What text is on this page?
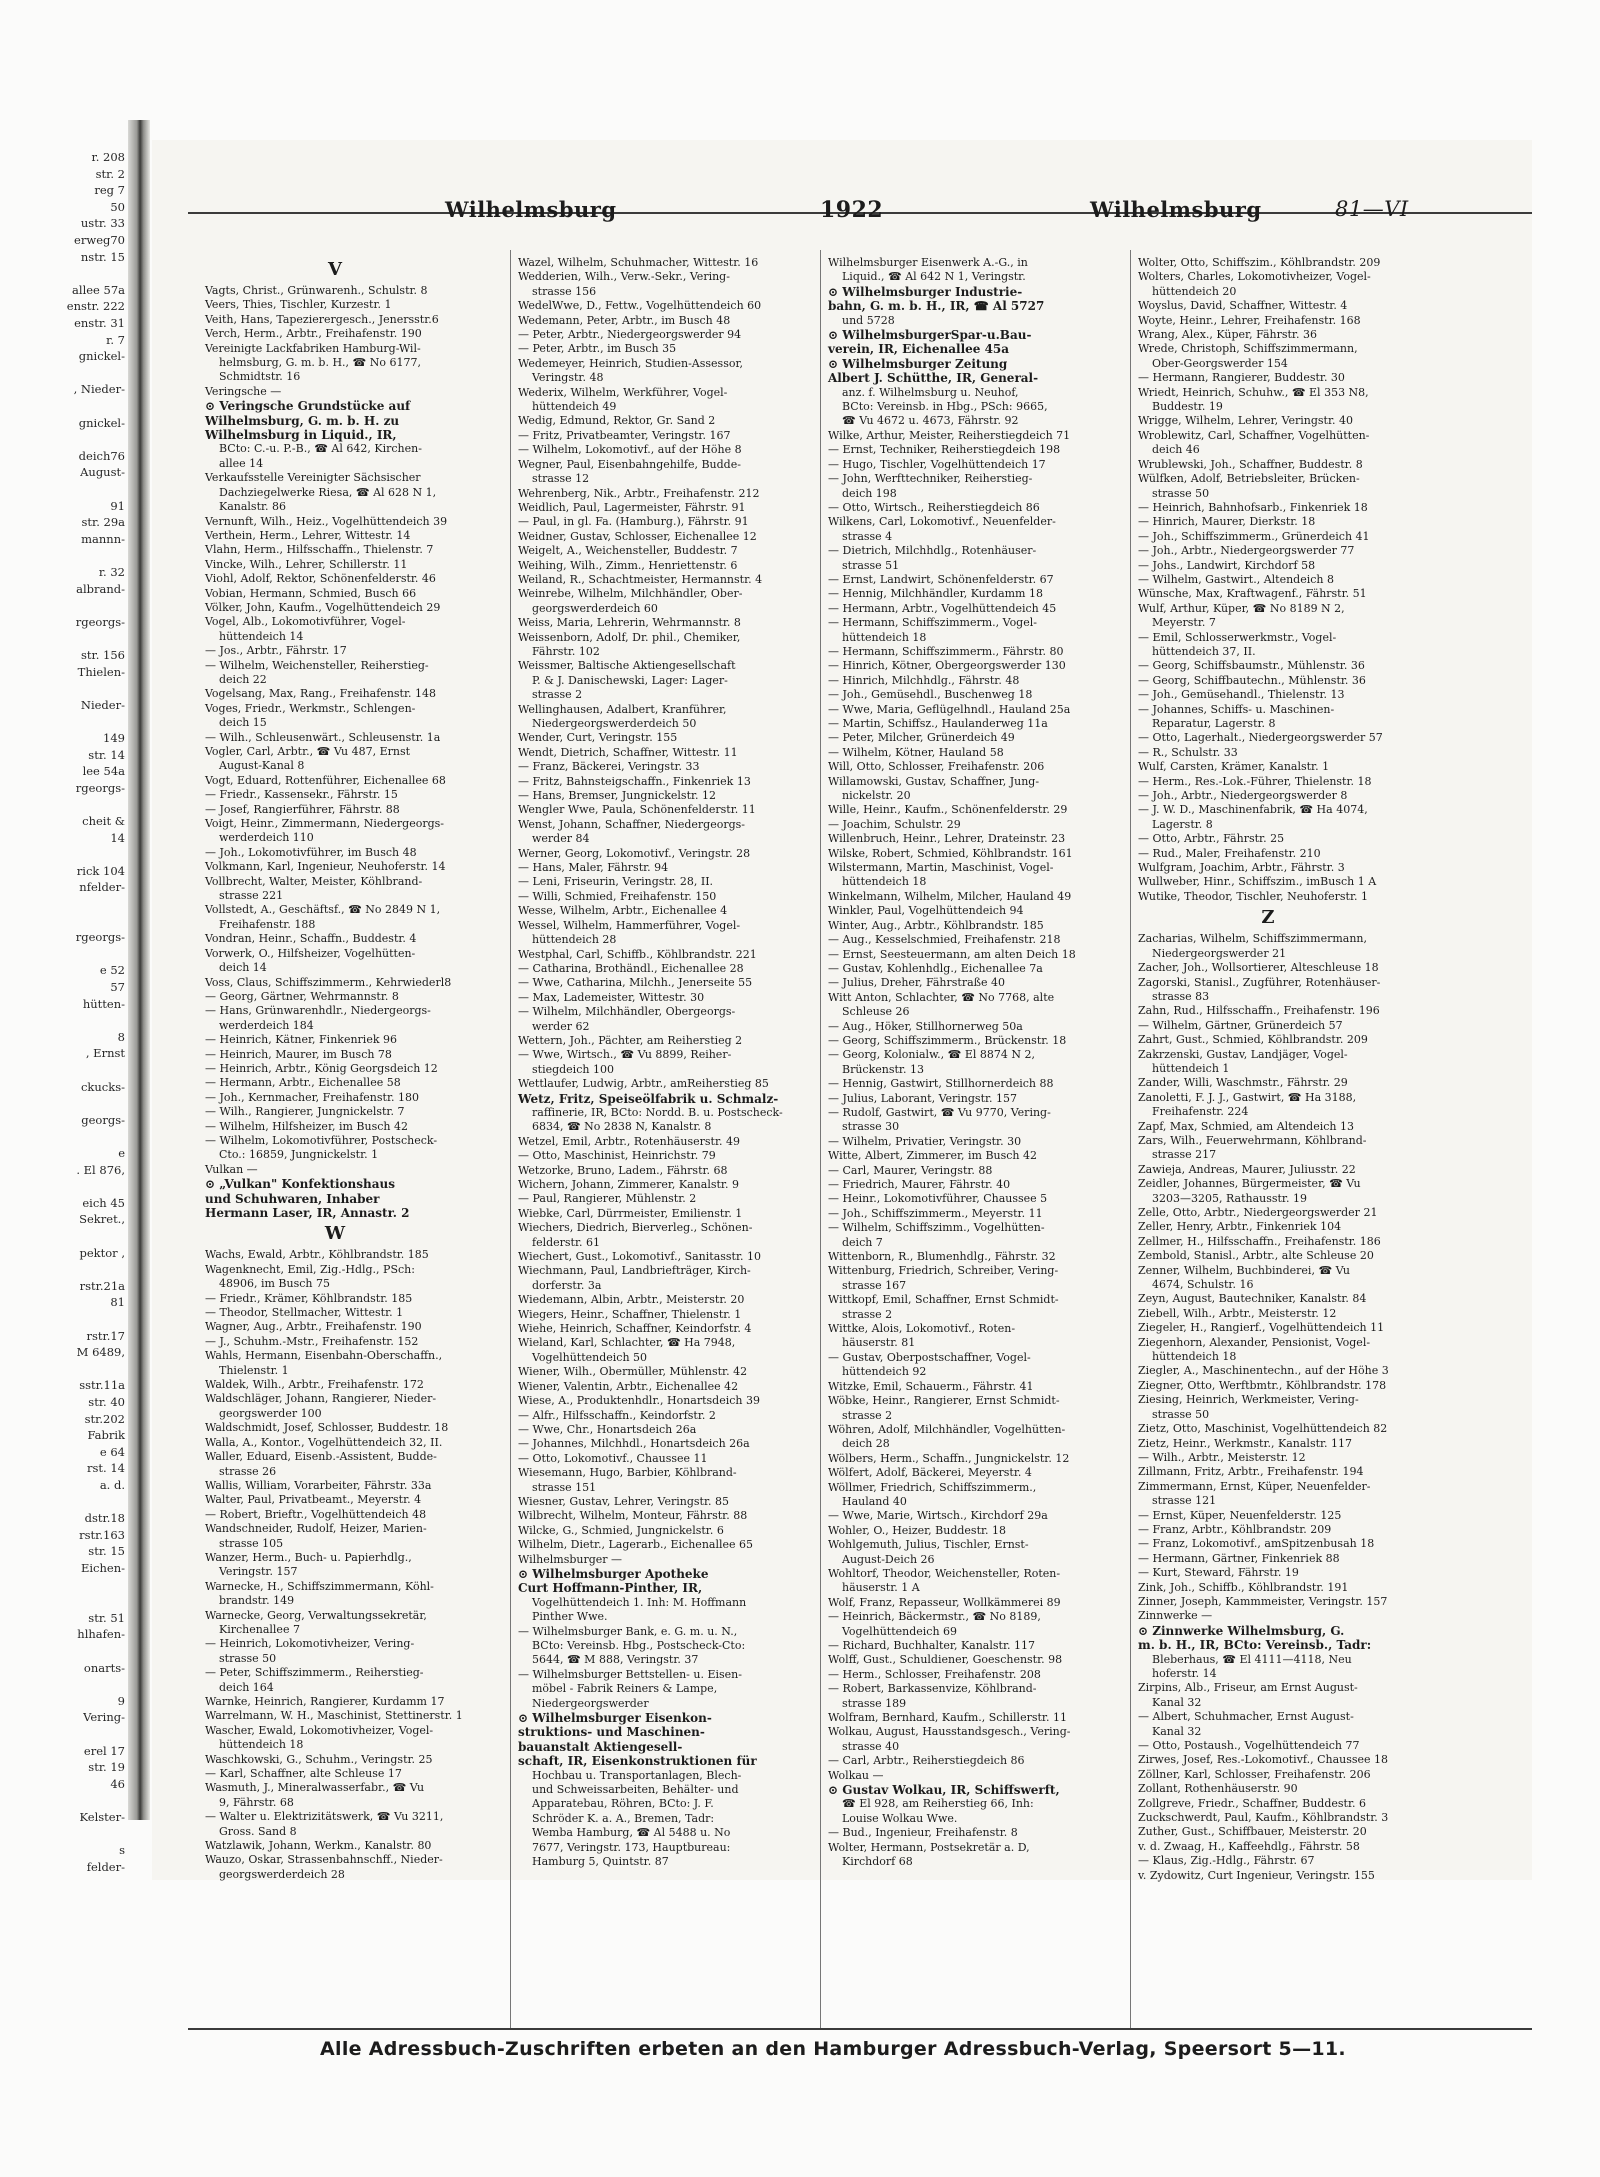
r. 208
str. 2
reg 7
50
ustr. 33
erweg70
nstr. 15
allee 57a
enstr. 222
enstr. 31
r. 7
gnickel-
, Nieder-
gnickel-
deich76
August-
91
str. 29a
mannn-
r. 32
albrand-
rgeorgs-
str. 156
Thielen-
Nieder-
149
str. 14
lee 54a
rgeorgs-
cheit &
14
rick 104
nfelder-
rgeorgs-
e 52
57
hütten-
8
, Ernst
ckucks-
georgs-
e
. El 876,
eich 45
Sekret.,
pektor ,
rstr.21a
81
rstr.17
M 6489,
sstr.11a
str. 40
str.202
Fabrik
e 64
rst. 14
a. d.
dstr.18
rstr.163
str. 15
Eichen-
str. 51
hlhafen-
onarts-
9
Vering-
erel 17
str. 19
46
Kelster-
s
felder-
Wilhelmsburg	1922	Wilhelmsburg	81—VI
V
Vagts, Christ., Grünwarenh., Schulstr. 8
Veers, Thies, Tischler, Kurzestr. 1
Veith, Hans, Tapezierergesch., Jenersstr.6
Verch, Herm., Arbtr., Freihafenstr. 190
Vereinigte Lackfabriken Hamburg-Wil-
helmsburg, G. m. b. H., ☎ No 6177,
Schmidtstr. 16
Veringsche —
⊙ Veringsche Grundstücke auf
Wilhelmsburg, G. m. b. H. zu
Wilhelmsburg in Liquid., IR,
BCto: C.-u. P.-B., ☎ Al 642, Kirchen-
allee 14
Verkaufsstelle Vereinigter Sächsischer
Dachziegelwerke Riesa, ☎ Al 628 N 1,
Kanalstr. 86
Vernunft, Wilh., Heiz., Vogelhüttendeich 39
Verthein, Herm., Lehrer, Wittestr. 14
Vlahn, Herm., Hilfsschaffn., Thielenstr. 7
Vincke, Wilh., Lehrer, Schillerstr. 11
Viohl, Adolf, Rektor, Schönenfelderstr. 46
Vobian, Hermann, Schmied, Busch 66
Völker, John, Kaufm., Vogelhüttendeich 29
Vogel, Alb., Lokomotivführer, Vogel-
hüttendeich 14
— Jos., Arbtr., Fährstr. 17
— Wilhelm, Weichensteller, Reiherstieg-
deich 22
Vogelsang, Max, Rang., Freihafenstr. 148
Voges, Friedr., Werkmstr., Schlengen-
deich 15
— Wilh., Schleusenwärt., Schleusenstr. 1a
Vogler, Carl, Arbtr., ☎ Vu 487, Ernst
August-Kanal 8
Vogt, Eduard, Rottenführer, Eichenallee 68
— Friedr., Kassensekr., Fährstr. 15
— Josef, Rangierführer, Fährstr. 88
Voigt, Heinr., Zimmermann, Niedergeorgs-
werderdeich 110
— Joh., Lokomotivführer, im Busch 48
Volkmann, Karl, Ingenieur, Neuhoferstr. 14
Vollbrecht, Walter, Meister, Köhlbrand-
strasse 221
Vollstedt, A., Geschäftsf., ☎ No 2849 N 1,
Freihafenstr. 188
Vondran, Heinr., Schaffn., Buddestr. 4
Vorwerk, O., Hilfsheizer, Vogelhütten-
deich 14
Voss, Claus, Schiffszimmerm., Kehrwiederl8
— Georg, Gärtner, Wehrmannstr. 8
— Hans, Grünwarenhdlr., Niedergeorgs-
werderdeich 184
— Heinrich, Kätner, Finkenriek 96
— Heinrich, Maurer, im Busch 78
— Heinrich, Arbtr., König Georgsdeich 12
— Hermann, Arbtr., Eichenallee 58
— Joh., Kernmacher, Freihafenstr. 180
— Wilh., Rangierer, Jungnickelstr. 7
— Wilhelm, Hilfsheizer, im Busch 42
— Wilhelm, Lokomotivführer, Postscheck-
Cto.: 16859, Jungnickelstr. 1
Vulkan —
⊙ „Vulkan" Konfektionshaus
und Schuhwaren, Inhaber
Hermann Laser, IR, Annastr. 2
W
Wachs, Ewald, Arbtr., Köhlbrandstr. 185
Wagenknecht, Emil, Zig.-Hdlg., PSch:
48906, im Busch 75
— Friedr., Krämer, Köhlbrandstr. 185
— Theodor, Stellmacher, Wittestr. 1
Wagner, Aug., Arbtr., Freihafenstr. 190
— J., Schuhm.-Mstr., Freihafenstr. 152
Wahls, Hermann, Eisenbahn-Oberschaffn.,
Thielenstr. 1
Waldek, Wilh., Arbtr., Freihafenstr. 172
Waldschläger, Johann, Rangierer, Nieder-
georgswerder 100
Waldschmidt, Josef, Schlosser, Buddestr. 18
Walla, A., Kontor., Vogelhüttendeich 32, II.
Waller, Eduard, Eisenb.-Assistent, Budde-
strasse 26
Wallis, William, Vorarbeiter, Fährstr. 33a
Walter, Paul, Privatbeamt., Meyerstr. 4
— Robert, Brieftr., Vogelhüttendeich 48
Wandschneider, Rudolf, Heizer, Marien-
strasse 105
Wanzer, Herm., Buch- u. Papierhdlg.,
Veringstr. 157
Warnecke, H., Schiffszimmermann, Köhl-
brandstr. 149
Warnecke, Georg, Verwaltungssekretär,
Kirchenallee 7
— Heinrich, Lokomotivheizer, Vering-
strasse 50
— Peter, Schiffszimmerm., Reiherstieg-
deich 164
Warnke, Heinrich, Rangierer, Kurdamm 17
Warrelmann, W. H., Maschinist, Stettinerstr. 1
Wascher, Ewald, Lokomotivheizer, Vogel-
hüttendeich 18
Waschkowski, G., Schuhm., Veringstr. 25
— Karl, Schaffner, alte Schleuse 17
Wasmuth, J., Mineralwasserfabr., ☎ Vu
9, Fährstr. 68
— Walter u. Elektrizitätswerk, ☎ Vu 3211,
Gross. Sand 8
Watzlawik, Johann, Werkm., Kanalstr. 80
Wauzo, Oskar, Strassenbahnschff., Nieder-
georgswerderdeich 28
Wazel, Wilhelm, Schuhmacher, Wittestr. 16
Wedderien, Wilh., Verw.-Sekr., Vering-
strasse 156
WedelWwe, D., Fettw., Vogelhüttendeich 60
Wedemann, Peter, Arbtr., im Busch 48
— Peter, Arbtr., Niedergeorgswerder 94
— Peter, Arbtr., im Busch 35
Wedemeyer, Heinrich, Studien-Assessor,
Veringstr. 48
Wederix, Wilhelm, Werkführer, Vogel-
hüttendeich 49
Wedig, Edmund, Rektor, Gr. Sand 2
— Fritz, Privatbeamter, Veringstr. 167
— Wilhelm, Lokomotivf., auf der Höhe 8
Wegner, Paul, Eisenbahngehilfe, Budde-
strasse 12
Wehrenberg, Nik., Arbtr., Freihafenstr. 212
Weidlich, Paul, Lagermeister, Fährstr. 91
— Paul, in gl. Fa. (Hamburg.), Fährstr. 91
Weidner, Gustav, Schlosser, Eichenallee 12
Weigelt, A., Weichensteller, Buddestr. 7
Weihing, Wilh., Zimm., Henriettenstr. 6
Weiland, R., Schachtmeister, Hermannstr. 4
Weinrebe, Wilhelm, Milchhändler, Ober-
georgswerderdeich 60
Weiss, Maria, Lehrerin, Wehrmannstr. 8
Weissenborn, Adolf, Dr. phil., Chemiker,
Fährstr. 102
Weissmer, Baltische Aktiengesellschaft
P. & J. Danischewski, Lager: Lager-
strasse 2
Wellinghausen, Adalbert, Kranführer,
Niedergeorgswerderdeich 50
Wender, Curt, Veringstr. 155
Wendt, Dietrich, Schaffner, Wittestr. 11
— Franz, Bäckerei, Veringstr. 33
— Fritz, Bahnsteigschaffn., Finkenriek 13
— Hans, Bremser, Jungnickelstr. 12
Wengler Wwe, Paula, Schönenfelderstr. 11
Wenst, Johann, Schaffner, Niedergeorgs-
werder 84
Werner, Georg, Lokomotivf., Veringstr. 28
— Hans, Maler, Fährstr. 94
— Leni, Friseurin, Veringstr. 28, II.
— Willi, Schmied, Freihafenstr. 150
Wesse, Wilhelm, Arbtr., Eichenallee 4
Wessel, Wilhelm, Hammerführer, Vogel-
hüttendeich 28
Westphal, Carl, Schiffb., Köhlbrandstr. 221
— Catharina, Brothändl., Eichenallee 28
— Wwe, Catharina, Milchh., Jenerseite 55
— Max, Lademeister, Wittestr. 30
— Wilhelm, Milchhändler, Obergeorgs-
werder 62
Wettern, Joh., Pächter, am Reiherstieg 2
— Wwe, Wirtsch., ☎ Vu 8899, Reiher-
stiegdeich 100
Wettlaufer, Ludwig, Arbtr., amReiherstieg 85
Wetz, Fritz, Speiseölfabrik u. Schmalz-
raffinerie, IR, BCto: Nordd. B. u. Postscheck-
6834, ☎ No 2838 N, Kanalstr. 8
Wetzel, Emil, Arbtr., Rotenhäuserstr. 49
— Otto, Maschinist, Heinrichstr. 79
Wetzorke, Bruno, Ladem., Fährstr. 68
Wichern, Johann, Zimmerer, Kanalstr. 9
— Paul, Rangierer, Mühlenstr. 2
Wiebke, Carl, Dürrmeister, Emilienstr. 1
Wiechers, Diedrich, Bierverleg., Schönen-
felderstr. 61
Wiechert, Gust., Lokomotivf., Sanitasstr. 10
Wiechmann, Paul, Landbriefträger, Kirch-
dorferstr. 3a
Wiedemann, Albin, Arbtr., Meisterstr. 20
Wiegers, Heinr., Schaffner, Thielenstr. 1
Wiehe, Heinrich, Schaffner, Keindorfstr. 4
Wieland, Karl, Schlachter, ☎ Ha 7948,
Vogelhüttendeich 50
Wiener, Wilh., Obermüller, Mühlenstr. 42
Wiener, Valentin, Arbtr., Eichenallee 42
Wiese, A., Produktenhdlr., Honartsdeich 39
— Alfr., Hilfsschaffn., Keindorfstr. 2
— Wwe, Chr., Honartsdeich 26a
— Johannes, Milchhdl., Honartsdeich 26a
— Otto, Lokomotivf., Chaussee 11
Wiesemann, Hugo, Barbier, Köhlbrand-
strasse 151
Wiesner, Gustav, Lehrer, Veringstr. 85
Wilbrecht, Wilhelm, Monteur, Fährstr. 88
Wilcke, G., Schmied, Jungnickelstr. 6
Wilhelm, Dietr., Lagerarb., Eichenallee 65
Wilhelmsburger —
⊙ Wilhelmsburger Apotheke
Curt Hoffmann-Pinther, IR,
Vogelhüttendeich 1. Inh: M. Hoffmann
Pinther Wwe.
— Wilhelmsburger Bank, e. G. m. u. N.,
BCto: Vereinsb. Hbg., Postscheck-Cto:
5644, ☎ M 888, Veringstr. 37
— Wilhelmsburger Bettstellen- u. Eisen-
möbel - Fabrik Reiners & Lampe,
Niedergeorgswerder
⊙ Wilhelmsburger Eisenkon-
struktions- und Maschinen-
bauanstalt Aktiengesell-
schaft, IR, Eisenkonstruktionen für
Hochbau u. Transportanlagen, Blech-
und Schweissarbeiten, Behälter- und
Apparatebau, Röhren, BCto: J. F.
Schröder K. a. A., Bremen, Tadr:
Wemba Hamburg, ☎ Al 5488 u. No
7677, Veringstr. 173, Hauptbureau:
Hamburg 5, Quintstr. 87
Wilhelmsburger Eisenwerk A.-G., in
Liquid., ☎ Al 642 N 1, Veringstr.
⊙ Wilhelmsburger Industrie-
bahn, G. m. b. H., IR, ☎ Al 5727
und 5728
⊙ WilhelmsburgerSpar-u.Bau-
verein, IR, Eichenallee 45a
⊙ Wilhelmsburger Zeitung
Albert J. Schütthe, IR, General-
anz. f. Wilhelmsburg u. Neuhof,
BCto: Vereinsb. in Hbg., PSch: 9665,
☎ Vu 4672 u. 4673, Fährstr. 92
Wilke, Arthur, Meister, Reiherstiegdeich 71
— Ernst, Techniker, Reiherstiegdeich 198
— Hugo, Tischler, Vogelhüttendeich 17
— John, Werfttechniker, Reiherstieg-
deich 198
— Otto, Wirtsch., Reiherstiegdeich 86
Wilkens, Carl, Lokomotivf., Neuenfelder-
strasse 4
— Dietrich, Milchhdlg., Rotenhäuser-
strasse 51
— Ernst, Landwirt, Schönenfelderstr. 67
— Hennig, Milchhändler, Kurdamm 18
— Hermann, Arbtr., Vogelhüttendeich 45
— Hermann, Schiffszimmerm., Vogel-
hüttendeich 18
— Hermann, Schiffszimmerm., Fährstr. 80
— Hinrich, Kötner, Obergeorgswerder 130
— Hinrich, Milchhdlg., Fährstr. 48
— Joh., Gemüsehdl., Buschenweg 18
— Wwe, Maria, Geflügelhndl., Hauland 25a
— Martin, Schiffsz., Haulanderweg 11a
— Peter, Milcher, Grünerdeich 49
— Wilhelm, Kötner, Hauland 58
Will, Otto, Schlosser, Freihafenstr. 206
Willamowski, Gustav, Schaffner, Jung-
nickelstr. 20
Wille, Heinr., Kaufm., Schönenfelderstr. 29
— Joachim, Schulstr. 29
Willenbruch, Heinr., Lehrer, Drateinstr. 23
Wilske, Robert, Schmied, Köhlbrandstr. 161
Wilstermann, Martin, Maschinist, Vogel-
hüttendeich 18
Winkelmann, Wilhelm, Milcher, Hauland 49
Winkler, Paul, Vogelhüttendeich 94
Winter, Aug., Arbtr., Köhlbrandstr. 185
— Aug., Kesselschmied, Freihafenstr. 218
— Ernst, Seesteuermann, am alten Deich 18
— Gustav, Kohlenhdlg., Eichenallee 7a
— Julius, Dreher, Fährstraße 40
Witt Anton, Schlachter, ☎ No 7768, alte
Schleuse 26
— Aug., Höker, Stillhornerweg 50a
— Georg, Schiffszimmerm., Brückenstr. 18
— Georg, Kolonialw., ☎ El 8874 N 2,
Brückenstr. 13
— Hennig, Gastwirt, Stillhornerdeich 88
— Julius, Laborant, Veringstr. 157
— Rudolf, Gastwirt, ☎ Vu 9770, Vering-
strasse 30
— Wilhelm, Privatier, Veringstr. 30
Witte, Albert, Zimmerer, im Busch 42
— Carl, Maurer, Veringstr. 88
— Friedrich, Maurer, Fährstr. 40
— Heinr., Lokomotivführer, Chaussee 5
— Joh., Schiffszimmerm., Meyerstr. 11
— Wilhelm, Schiffszimm., Vogelhütten-
deich 7
Wittenborn, R., Blumenhdlg., Fährstr. 32
Wittenburg, Friedrich, Schreiber, Vering-
strasse 167
Wittkopf, Emil, Schaffner, Ernst Schmidt-
strasse 2
Wittke, Alois, Lokomotivf., Roten-
häuserstr. 81
— Gustav, Oberpostschaffner, Vogel-
hüttendeich 92
Witzke, Emil, Schauerm., Fährstr. 41
Wöbke, Heinr., Rangierer, Ernst Schmidt-
strasse 2
Wöhren, Adolf, Milchhändler, Vogelhütten-
deich 28
Wölbers, Herm., Schaffn., Jungnickelstr. 12
Wölfert, Adolf, Bäckerei, Meyerstr. 4
Wöllmer, Friedrich, Schiffszimmerm.,
Hauland 40
— Wwe, Marie, Wirtsch., Kirchdorf 29a
Wohler, O., Heizer, Buddestr. 18
Wohlgemuth, Julius, Tischler, Ernst-
August-Deich 26
Wohltorf, Theodor, Weichensteller, Roten-
häuserstr. 1 A
Wolf, Franz, Repasseur, Wollkämmerei 89
— Heinrich, Bäckermstr., ☎ No 8189,
Vogelhüttendeich 69
— Richard, Buchhalter, Kanalstr. 117
Wolff, Gust., Schuldiener, Goeschenstr. 98
— Herm., Schlosser, Freihafenstr. 208
— Robert, Barkassenvize, Köhlbrand-
strasse 189
Wolfram, Bernhard, Kaufm., Schillerstr. 11
Wolkau, August, Hausstandsgesch., Vering-
strasse 40
— Carl, Arbtr., Reiherstiegdeich 86
Wolkau —
⊙ Gustav Wolkau, IR, Schiffswerft,
☎ El 928, am Reiherstieg 66, Inh:
Louise Wolkau Wwe.
— Bud., Ingenieur, Freihafenstr. 8
Wolter, Hermann, Postsekretär a. D,
Kirchdorf 68
Wolter, Otto, Schiffszim., Köhlbrandstr. 209
Wolters, Charles, Lokomotivheizer, Vogel-
hüttendeich 20
Woyslus, David, Schaffner, Wittestr. 4
Woyte, Heinr., Lehrer, Freihafenstr. 168
Wrang, Alex., Küper, Fährstr. 36
Wrede, Christoph, Schiffszimmermann,
Ober-Georgswerder 154
— Hermann, Rangierer, Buddestr. 30
Wriedt, Heinrich, Schuhw., ☎ El 353 N8,
Buddestr. 19
Wrigge, Wilhelm, Lehrer, Veringstr. 40
Wroblewitz, Carl, Schaffner, Vogelhütten-
deich 46
Wrublewski, Joh., Schaffner, Buddestr. 8
Wülfken, Adolf, Betriebsleiter, Brücken-
strasse 50
— Heinrich, Bahnhofsarb., Finkenriek 18
— Hinrich, Maurer, Dierkstr. 18
— Joh., Schiffszimmerm., Grünerdeich 41
— Joh., Arbtr., Niedergeorgswerder 77
— Johs., Landwirt, Kirchdorf 58
— Wilhelm, Gastwirt., Altendeich 8
Wünsche, Max, Kraftwagenf., Fährstr. 51
Wulf, Arthur, Küper, ☎ No 8189 N 2,
Meyerstr. 7
— Emil, Schlosserwerkmstr., Vogel-
hüttendeich 37, II.
— Georg, Schiffsbaumstr., Mühlenstr. 36
— Georg, Schiffbautechn., Mühlenstr. 36
— Joh., Gemüsehandl., Thielenstr. 13
— Johannes, Schiffs- u. Maschinen-
Reparatur, Lagerstr. 8
— Otto, Lagerhalt., Niedergeorgswerder 57
— R., Schulstr. 33
Wulf, Carsten, Krämer, Kanalstr. 1
— Herm., Res.-Lok.-Führer, Thielenstr. 18
— Joh., Arbtr., Niedergeorgswerder 8
— J. W. D., Maschinenfabrik, ☎ Ha 4074,
Lagerstr. 8
— Otto, Arbtr., Fährstr. 25
— Rud., Maler, Freihafenstr. 210
Wulfgram, Joachim, Arbtr., Fährstr. 3
Wullweber, Hinr., Schiffszim., imBusch 1 A
Wutike, Theodor, Tischler, Neuhoferstr. 1
Z
Zacharias, Wilhelm, Schiffszimmermann,
Niedergeorgswerder 21
Zacher, Joh., Wollsortierer, Alteschleuse 18
Zagorski, Stanisl., Zugführer, Rotenhäuser-
strasse 83
Zahn, Rud., Hilfsschaffn., Freihafenstr. 196
— Wilhelm, Gärtner, Grünerdeich 57
Zahrt, Gust., Schmied, Köhlbrandstr. 209
Zakrzenski, Gustav, Landjäger, Vogel-
hüttendeich 1
Zander, Willi, Waschmstr., Fährstr. 29
Zanoletti, F. J. J., Gastwirt, ☎ Ha 3188,
Freihafenstr. 224
Zapf, Max, Schmied, am Altendeich 13
Zars, Wilh., Feuerwehrmann, Köhlbrand-
strasse 217
Zawieja, Andreas, Maurer, Juliusstr. 22
Zeidler, Johannes, Bürgermeister, ☎ Vu
3203—3205, Rathausstr. 19
Zelle, Otto, Arbtr., Niedergeorgswerder 21
Zeller, Henry, Arbtr., Finkenriek 104
Zellmer, H., Hilfsschaffn., Freihafenstr. 186
Zembold, Stanisl., Arbtr., alte Schleuse 20
Zenner, Wilhelm, Buchbinderei, ☎ Vu
4674, Schulstr. 16
Zeyn, August, Bautechniker, Kanalstr. 84
Ziebell, Wilh., Arbtr., Meisterstr. 12
Ziegeler, H., Rangierf., Vogelhüttendeich 11
Ziegenhorn, Alexander, Pensionist, Vogel-
hüttendeich 18
Ziegler, A., Maschinentechn., auf der Höhe 3
Ziegner, Otto, Werftbmtr., Köhlbrandstr. 178
Ziesing, Heinrich, Werkmeister, Vering-
strasse 50
Zietz, Otto, Maschinist, Vogelhüttendeich 82
Zietz, Heinr., Werkmstr., Kanalstr. 117
— Wilh., Arbtr., Meisterstr. 12
Zillmann, Fritz, Arbtr., Freihafenstr. 194
Zimmermann, Ernst, Küper, Neuenfelder-
strasse 121
— Ernst, Küper, Neuenfelderstr. 125
— Franz, Arbtr., Köhlbrandstr. 209
— Franz, Lokomotivf., amSpitzenbusah 18
— Hermann, Gärtner, Finkenriek 88
— Kurt, Steward, Fährstr. 19
Zink, Joh., Schiffb., Köhlbrandstr. 191
Zinner, Joseph, Kammmeister, Veringstr. 157
Zinnwerke —
⊙ Zinnwerke Wilhelmsburg, G.
m. b. H., IR, BCto: Vereinsb., Tadr:
Bleberhaus, ☎ El 4111—4118, Neu
hoferstr. 14
Zirpins, Alb., Friseur, am Ernst August-
Kanal 32
— Albert, Schuhmacher, Ernst August-
Kanal 32
— Otto, Postaush., Vogelhüttendeich 77
Zirwes, Josef, Res.-Lokomotivf., Chaussee 18
Zöllner, Karl, Schlosser, Freihafenstr. 206
Zollant, Rothenhäuserstr. 90
Zollgreve, Friedr., Schaffner, Buddestr. 6
Zuckschwerdt, Paul, Kaufm., Köhlbrandstr. 3
Zuther, Gust., Schiffbauer, Meisterstr. 20
v. d. Zwaag, H., Kaffeehdlg., Fährstr. 58
— Klaus, Zig.-Hdlg., Fährstr. 67
v. Zydowitz, Curt Ingenieur, Veringstr. 155
Alle Adressbuch-Zuschriften erbeten an den Hamburger Adressbuch-Verlag, Speersort 5—11.
